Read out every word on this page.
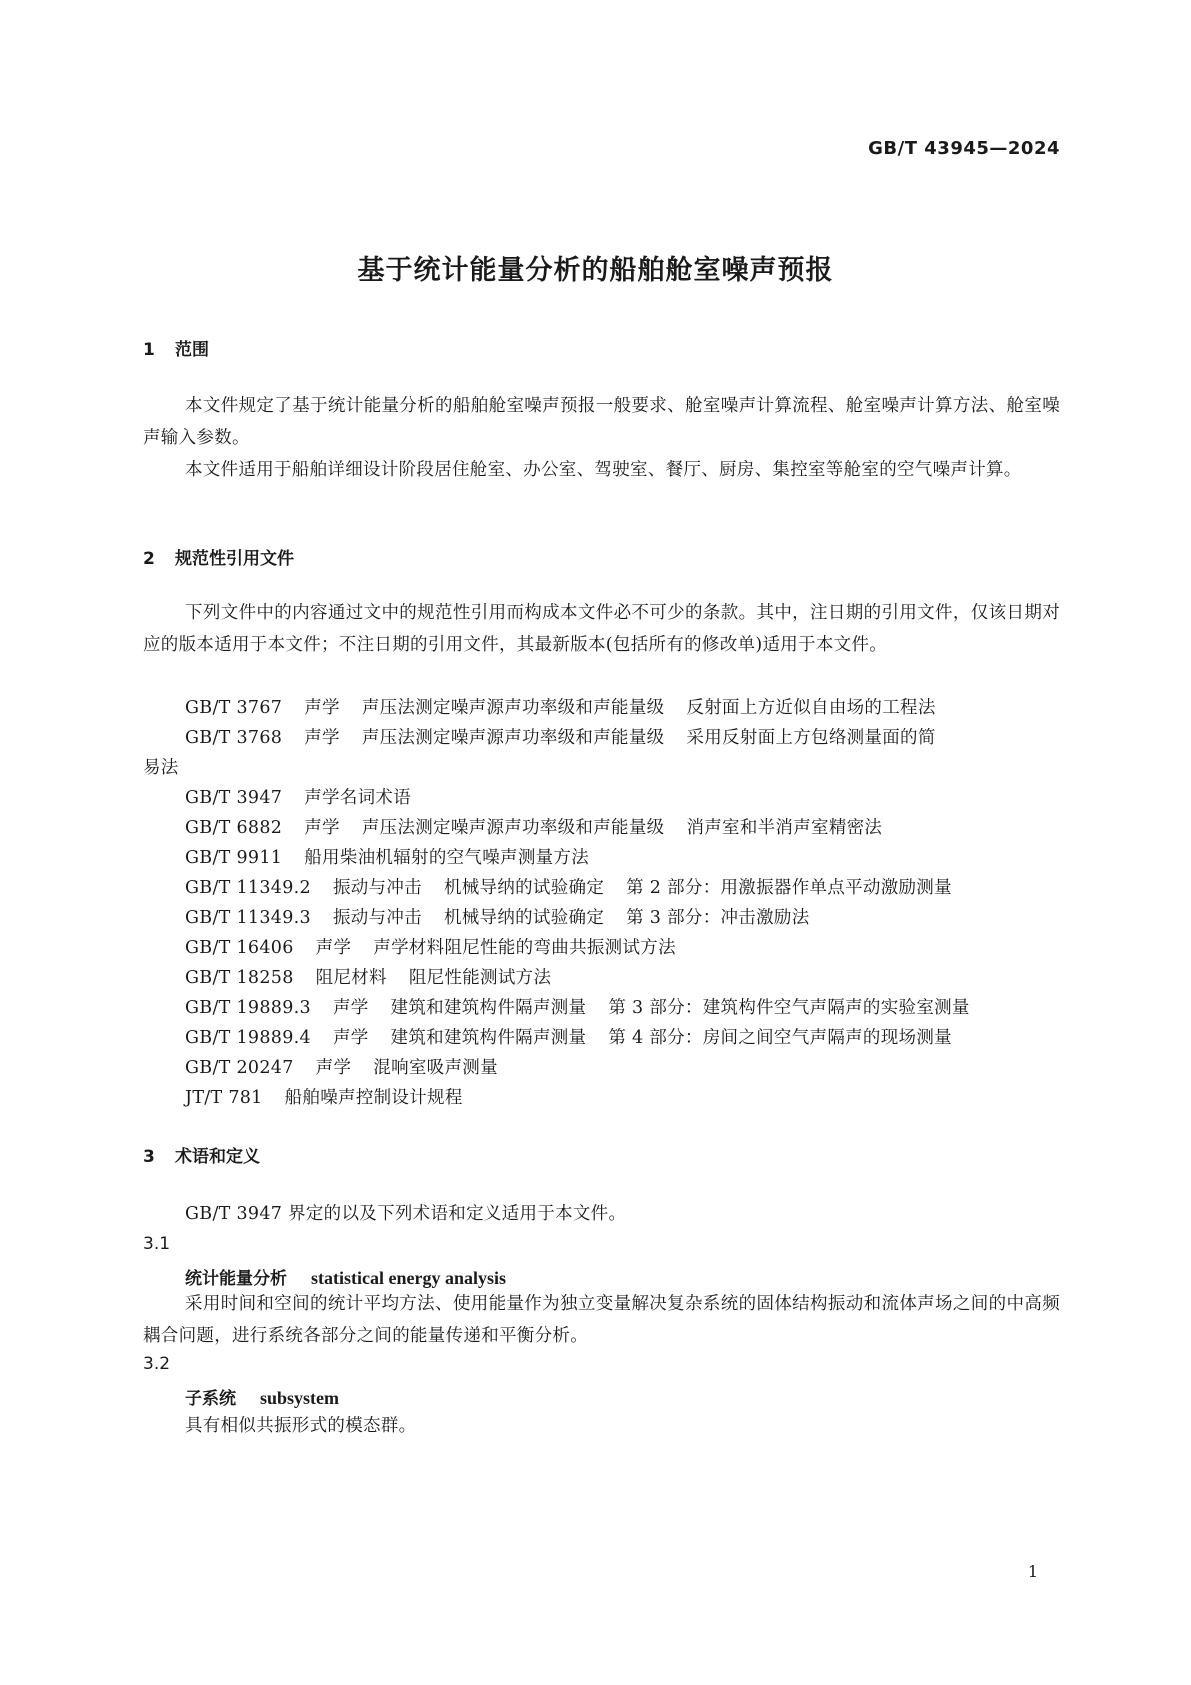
GB/T 43945—2024
基于统计能量分析的船舶舱室噪声预报
1 范围
本文件规定了基于统计能量分析的船舶舱室噪声预报一般要求、舱室噪声计算流程、舱室噪声计算方法、舱室噪声输入参数。
本文件适用于船舶详细设计阶段居住舱室、办公室、驾驶室、餐厅、厨房、集控室等舱室的空气噪声计算。
2 规范性引用文件
下列文件中的内容通过文中的规范性引用而构成本文件必不可少的条款。其中，注日期的引用文件，仅该日期对应的版本适用于本文件；不注日期的引用文件，其最新版本(包括所有的修改单)适用于本文件。
GB/T 3767 声学 声压法测定噪声源声功率级和声能量级 反射面上方近似自由场的工程法
GB/T 3768 声学 声压法测定噪声源声功率级和声能量级 采用反射面上方包络测量面的简
易法
GB/T 3947 声学名词术语
GB/T 6882 声学 声压法测定噪声源声功率级和声能量级 消声室和半消声室精密法
GB/T 9911 船用柴油机辐射的空气噪声测量方法
GB/T 11349.2 振动与冲击 机械导纳的试验确定 第 2 部分：用激振器作单点平动激励测量
GB/T 11349.3 振动与冲击 机械导纳的试验确定 第 3 部分：冲击激励法
GB/T 16406 声学 声学材料阻尼性能的弯曲共振测试方法
GB/T 18258 阻尼材料 阻尼性能测试方法
GB/T 19889.3 声学 建筑和建筑构件隔声测量 第 3 部分：建筑构件空气声隔声的实验室测量
GB/T 19889.4 声学 建筑和建筑构件隔声测量 第 4 部分：房间之间空气声隔声的现场测量
GB/T 20247 声学 混响室吸声测量
JT/T 781 船舶噪声控制设计规程
3 术语和定义
GB/T 3947 界定的以及下列术语和定义适用于本文件。
3.1
统计能量分析 statistical energy analysis
采用时间和空间的统计平均方法、使用能量作为独立变量解决复杂系统的固体结构振动和流体声场之间的中高频耦合问题，进行系统各部分之间的能量传递和平衡分析。
3.2
子系统 subsystem
具有相似共振形式的模态群。
1
